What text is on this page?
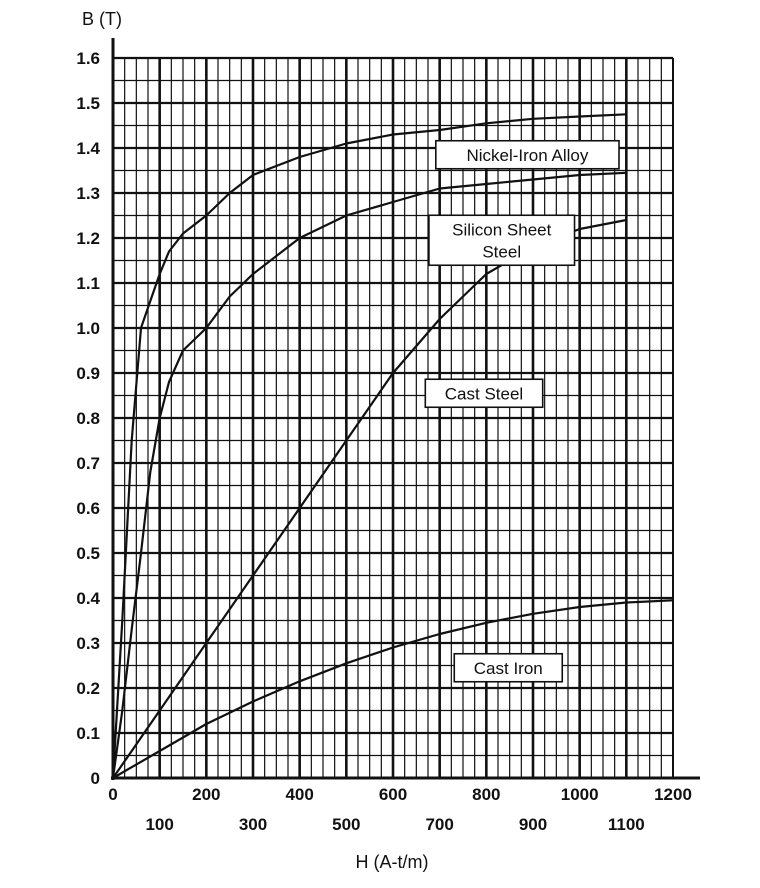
Nickel-Iron Alloy
Silicon Sheet
Steel
Cast Steel
Cast Iron
1.6
1.5
1.4
1.3
1.2
1.1
1.0
0.9
0.8
0.7
0.6
0.5
0.4
0.3
0.2
0.1
0
0	200	400	600	800	1000	1200
100	300	500	700	900	1100
B (T)
H (A-t/m)
